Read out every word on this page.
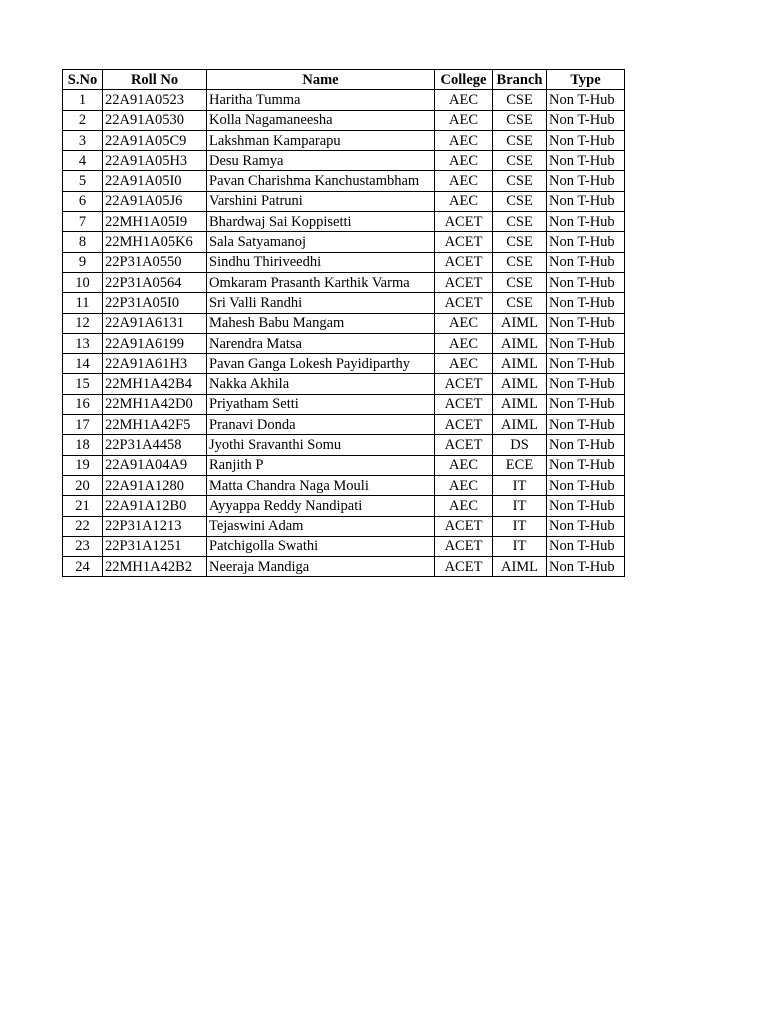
S.No	Roll No	Name	College	Branch	Type
1	22A91A0523	Haritha Tumma	AEC	CSE	Non T-Hub
2	22A91A0530	Kolla Nagamaneesha	AEC	CSE	Non T-Hub
3	22A91A05C9	Lakshman Kamparapu	AEC	CSE	Non T-Hub
4	22A91A05H3	Desu Ramya	AEC	CSE	Non T-Hub
5	22A91A05I0	Pavan Charishma Kanchustambham	AEC	CSE	Non T-Hub
6	22A91A05J6	Varshini Patruni	AEC	CSE	Non T-Hub
7	22MH1A05I9	Bhardwaj Sai Koppisetti	ACET	CSE	Non T-Hub
8	22MH1A05K6	Sala Satyamanoj	ACET	CSE	Non T-Hub
9	22P31A0550	Sindhu Thiriveedhi	ACET	CSE	Non T-Hub
10	22P31A0564	Omkaram Prasanth Karthik Varma	ACET	CSE	Non T-Hub
11	22P31A05I0	Sri Valli Randhi	ACET	CSE	Non T-Hub
12	22A91A6131	Mahesh Babu Mangam	AEC	AIML	Non T-Hub
13	22A91A6199	Narendra Matsa	AEC	AIML	Non T-Hub
14	22A91A61H3	Pavan Ganga Lokesh Payidiparthy	AEC	AIML	Non T-Hub
15	22MH1A42B4	Nakka Akhila	ACET	AIML	Non T-Hub
16	22MH1A42D0	Priyatham Setti	ACET	AIML	Non T-Hub
17	22MH1A42F5	Pranavi Donda	ACET	AIML	Non T-Hub
18	22P31A4458	Jyothi Sravanthi Somu	ACET	DS	Non T-Hub
19	22A91A04A9	Ranjith P	AEC	ECE	Non T-Hub
20	22A91A1280	Matta Chandra Naga Mouli	AEC	IT	Non T-Hub
21	22A91A12B0	Ayyappa Reddy Nandipati	AEC	IT	Non T-Hub
22	22P31A1213	Tejaswini Adam	ACET	IT	Non T-Hub
23	22P31A1251	Patchigolla Swathi	ACET	IT	Non T-Hub
24	22MH1A42B2	Neeraja Mandiga	ACET	AIML	Non T-Hub
